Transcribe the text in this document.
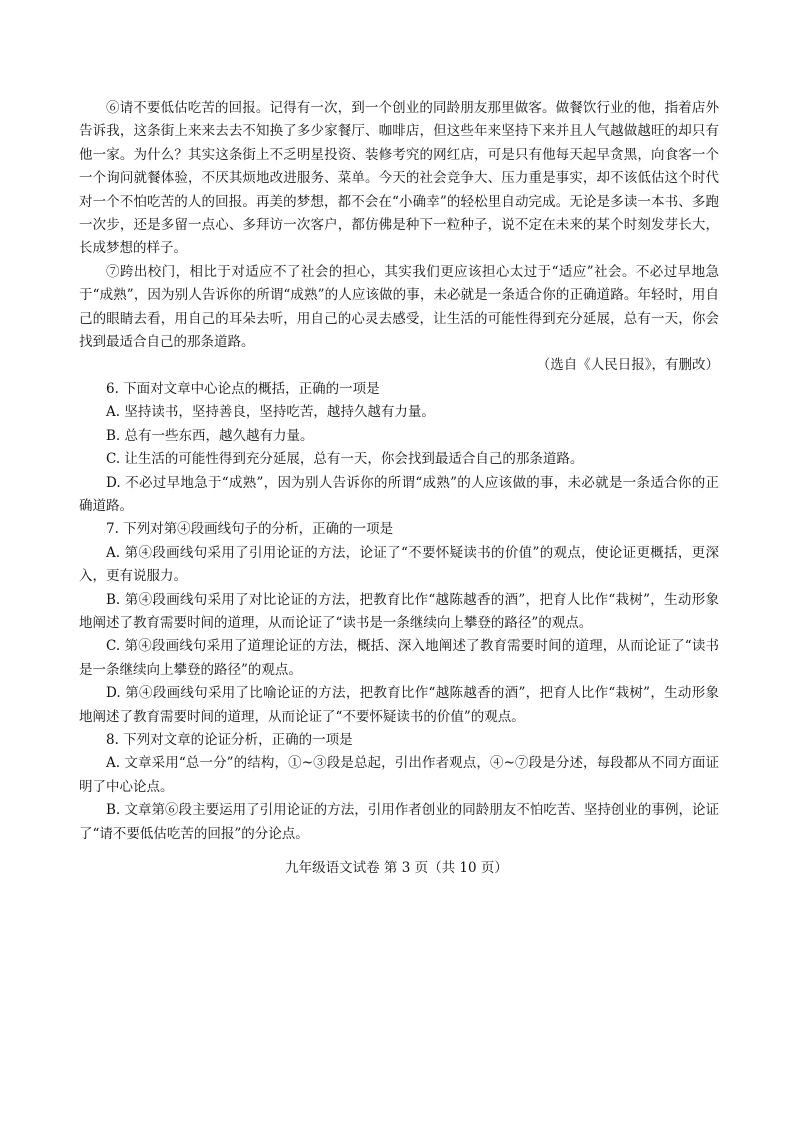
⑥请不要低估吃苦的回报。记得有一次，到一个创业的同龄朋友那里做客。做餐饮行业的他，指着店外告诉我，这条街上来来去去不知换了多少家餐厅、咖啡店，但这些年来坚持下来并且人气越做越旺的却只有他一家。为什么？其实这条街上不乏明星投资、装修考究的网红店，可是只有他每天起早贪黑，向食客一个一个询问就餐体验，不厌其烦地改进服务、菜单。今天的社会竞争大、压力重是事实，却不该低估这个时代对一个不怕吃苦的人的回报。再美的梦想，都不会在“小确幸”的轻松里自动完成。无论是多读一本书、多跑一次步，还是多留一点心、多拜访一次客户，都仿佛是种下一粒种子，说不定在未来的某个时刻发芽长大，长成梦想的样子。

⑦跨出校门，相比于对适应不了社会的担心，其实我们更应该担心太过于“适应”社会。不必过早地急于“成熟”，因为别人告诉你的所谓“成熟”的人应该做的事，未必就是一条适合你的正确道路。年轻时，用自己的眼睛去看，用自己的耳朵去听，用自己的心灵去感受，让生活的可能性得到充分延展，总有一天，你会找到最适合自己的那条道路。

（选自《人民日报》，有删改）

6. 下面对文章中心论点的概括，正确的一项是

A. 坚持读书，坚持善良，坚持吃苦，越持久越有力量。

B. 总有一些东西，越久越有力量。

C. 让生活的可能性得到充分延展，总有一天，你会找到最适合自己的那条道路。

D. 不必过早地急于“成熟”，因为别人告诉你的所谓“成熟”的人应该做的事，未必就是一条适合你的正确道路。

7. 下列对第④段画线句子的分析，正确的一项是

A. 第④段画线句采用了引用论证的方法，论证了“不要怀疑读书的价值”的观点，使论证更概括，更深入，更有说服力。

B. 第④段画线句采用了对比论证的方法，把教育比作“越陈越香的酒”，把育人比作“栽树”，生动形象地阐述了教育需要时间的道理，从而论证了“读书是一条继续向上攀登的路径”的观点。

C. 第④段画线句采用了道理论证的方法，概括、深入地阐述了教育需要时间的道理，从而论证了“读书是一条继续向上攀登的路径”的观点。

D. 第④段画线句采用了比喻论证的方法，把教育比作“越陈越香的酒”，把育人比作“栽树”，生动形象地阐述了教育需要时间的道理，从而论证了“不要怀疑读书的价值”的观点。

8. 下列对文章的论证分析，正确的一项是

A. 文章采用“总一分”的结构，①~③段是总起，引出作者观点，④~⑦段是分述，每段都从不同方面证明了中心论点。

B. 文章第⑥段主要运用了引用论证的方法，引用作者创业的同龄朋友不怕吃苦、坚持创业的事例，论证了“请不要低估吃苦的回报”的分论点。

九年级语文试卷 第 3 页（共 10 页）
